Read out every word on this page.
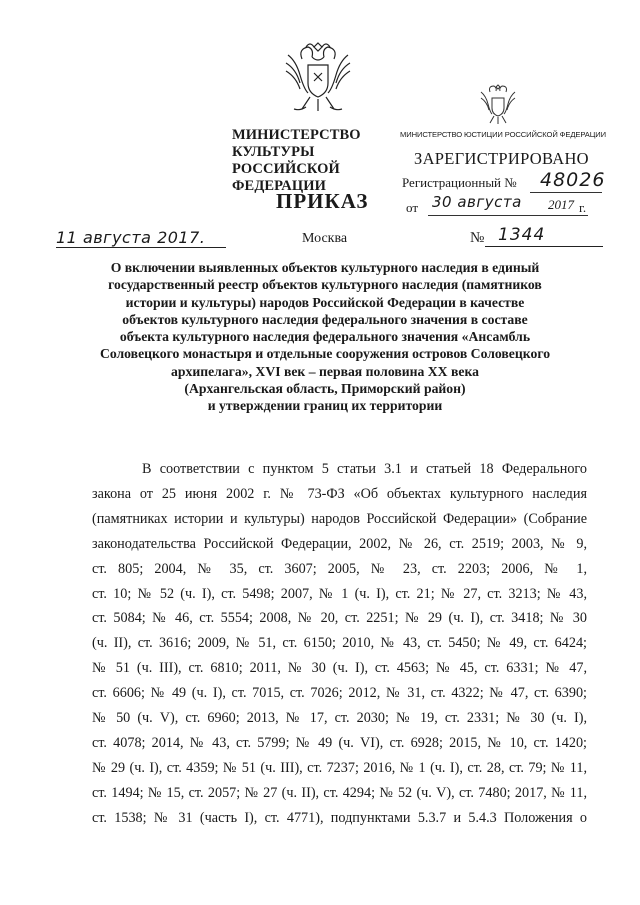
МИНИСТЕРСТВО КУЛЬТУРЫ
РОССИЙСКОЙ ФЕДЕРАЦИИ
ПРИКАЗ
МИНИСТЕРСТВО ЮСТИЦИИ РОССИЙСКОЙ ФЕДЕРАЦИИ
ЗАРЕГИСТРИРОВАНО
Регистрационный № 48026
от 30 августа 2017 г.
11 августа 2017.	Москва	№ 1344
О включении выявленных объектов культурного наследия в единый
государственный реестр объектов культурного наследия (памятников
истории и культуры) народов Российской Федерации в качестве
объектов культурного наследия федерального значения в составе
объекта культурного наследия федерального значения «Ансамбль
Соловецкого монастыря и отдельные сооружения островов Соловецкого
архипелага», XVI век – первая половина XX века
(Архангельская область, Приморский район)
и утверждении границ их территории
В соответствии с пунктом 5 статьи 3.1 и статьей 18 Федерального
закона от 25 июня 2002 г. № 73-ФЗ «Об объектах культурного наследия
(памятниках истории и культуры) народов Российской Федерации» (Собрание
законодательства Российской Федерации, 2002, № 26, ст. 2519; 2003, № 9,
ст. 805; 2004, № 35, ст. 3607; 2005, № 23, ст. 2203; 2006, № 1,
ст. 10; № 52 (ч. I), ст. 5498; 2007, № 1 (ч. I), ст. 21; № 27, ст. 3213; № 43,
ст. 5084; № 46, ст. 5554; 2008, № 20, ст. 2251; № 29 (ч. I), ст. 3418; № 30
(ч. II), ст. 3616; 2009, № 51, ст. 6150; 2010, № 43, ст. 5450; № 49, ст. 6424;
№ 51 (ч. III), ст. 6810; 2011, № 30 (ч. I), ст. 4563; № 45, ст. 6331; № 47,
ст. 6606; № 49 (ч. I), ст. 7015, ст. 7026; 2012, № 31, ст. 4322; № 47, ст. 6390;
№ 50 (ч. V), ст. 6960; 2013, № 17, ст. 2030; № 19, ст. 2331; № 30 (ч. I),
ст. 4078; 2014, № 43, ст. 5799; № 49 (ч. VI), ст. 6928; 2015, № 10, ст. 1420;
№ 29 (ч. I), ст. 4359; № 51 (ч. III), ст. 7237; 2016, № 1 (ч. I), ст. 28, ст. 79; № 11,
ст. 1494; № 15, ст. 2057; № 27 (ч. II), ст. 4294; № 52 (ч. V), ст. 7480; 2017, № 11,
ст. 1538; № 31 (часть I), ст. 4771), подпунктами 5.3.7 и 5.4.3 Положения о
